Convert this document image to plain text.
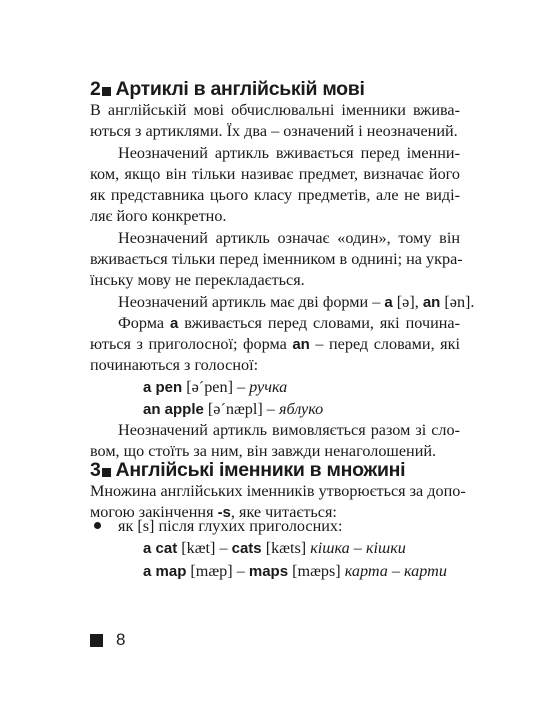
2 Артиклі в англійській мові
В англійській мові обчислювальні іменники вжива-
ються з артиклями. Їх два – означений і неозначений.
Неозначений артикль вживається перед іменни-
ком, якщо він тільки називає предмет, визначає його
як представника цього класу предметів, але не виді-
ляє його конкретно.
Неозначений артикль означає «один», тому він
вживається тільки перед іменником в однині; на укра-
їнську мову не перекладається.
Неозначений артикль має дві форми – a [ə], an [ən].
Форма a вживається перед словами, які почина-
ються з приголосної; форма an – перед словами, які
починаються з голосної:
a pen [əˊpen] – ручка
an apple [əˊnæpl] – яблуко
Неозначений артикль вимовляється разом зі сло-
вом, що стоїть за ним, він завжди ненаголошений.
3 Англійські іменники в множині
Множина англійських іменників утворюється за допо-
могою закінчення -s, яке читається:
як [s] після глухих приголосних:
a cat [kæt] – cats [kæts] кішка – кішки
a map [mæp] – maps [mæps] карта – карти
8
